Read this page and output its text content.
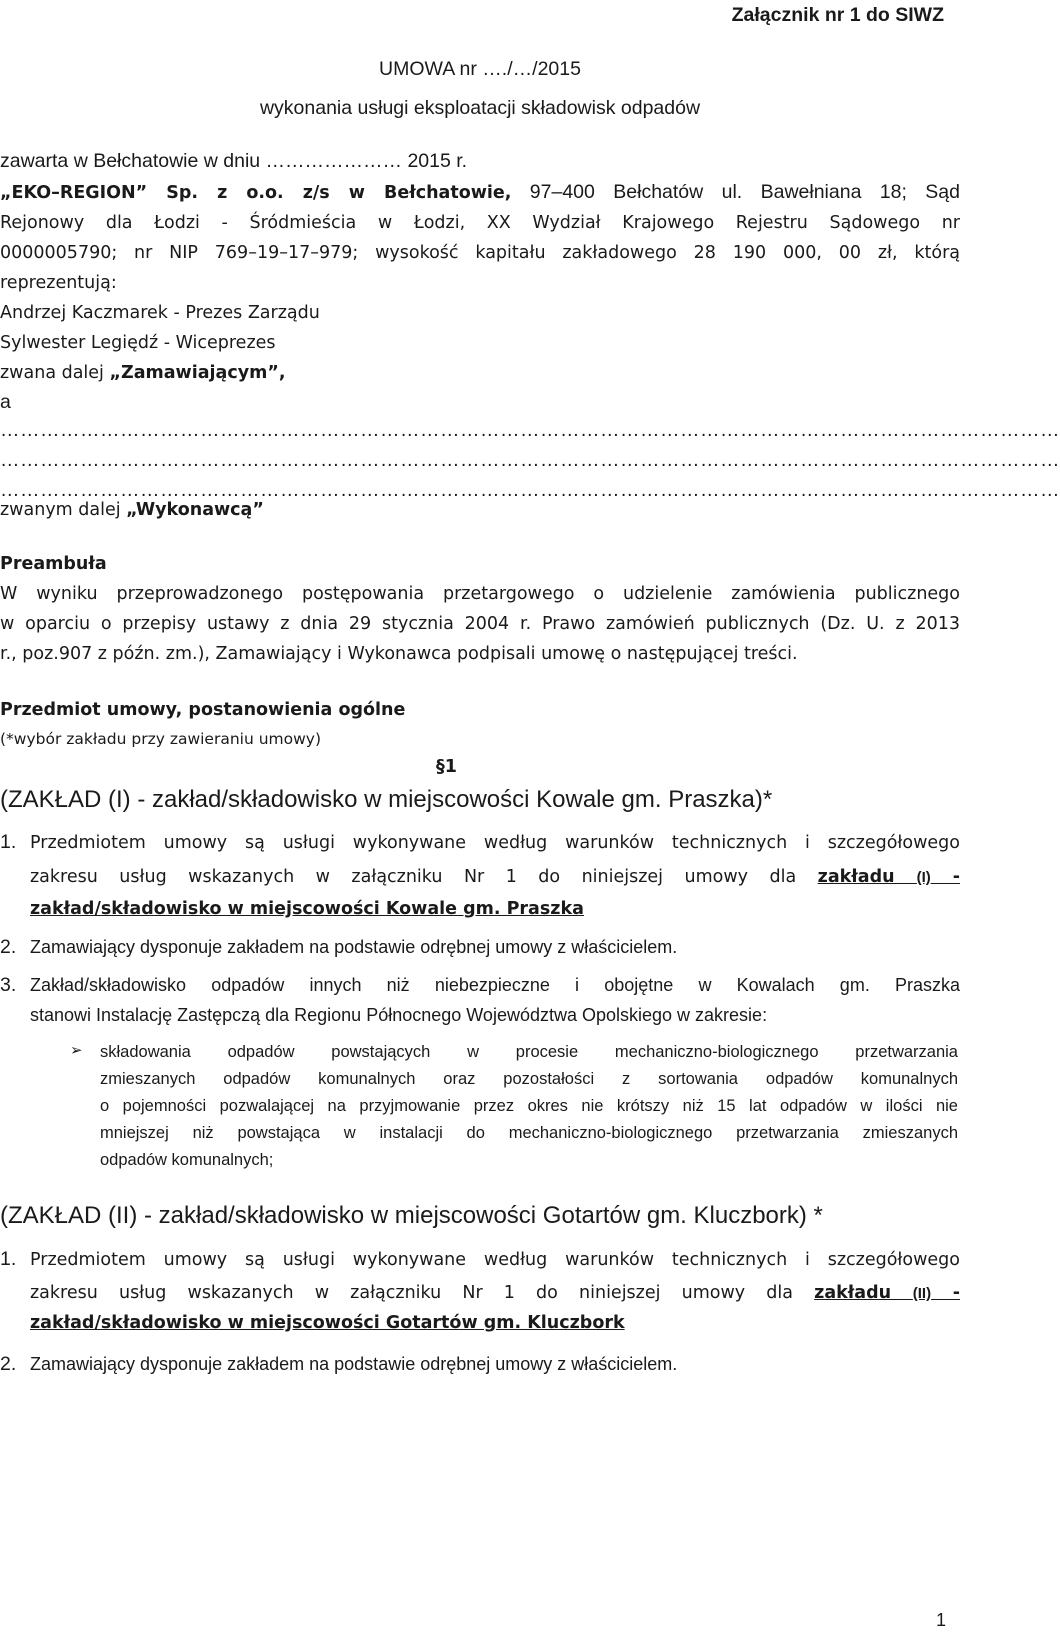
Załącznik nr 1 do SIWZ
UMOWA nr …./…/2015
wykonania usługi eksploatacji składowisk odpadów
zawarta w Bełchatowie w dniu ………………… 2015 r.
„EKO–REGION” Sp. z o.o. z/s w Bełchatowie, 97–400 Bełchatów ul. Bawełniana 18; Sąd
Rejonowy dla Łodzi - Śródmieścia w Łodzi, XX Wydział Krajowego Rejestru Sądowego nr
0000005790; nr NIP 769–19–17–979; wysokość kapitału zakładowego 28 190 000, 00 zł, którą
reprezentują:
Andrzej Kaczmarek - Prezes Zarządu
Sylwester Legiędź - Wiceprezes
zwana dalej „Zamawiającym”,
a
……………………………………………………………………………………………………………………………………………
……………………………………………………………………………………………………………………………………………
……………………………………………………………………………………………………………………………………………
zwanym dalej „Wykonawcą”
Preambuła
W wyniku przeprowadzonego postępowania przetargowego o udzielenie zamówienia publicznego
w oparciu o przepisy ustawy z dnia 29 stycznia 2004 r. Prawo zamówień publicznych (Dz. U. z 2013
r., poz.907 z późn. zm.), Zamawiający i Wykonawca podpisali umowę o następującej treści.
Przedmiot umowy, postanowienia ogólne
(*wybór zakładu przy zawieraniu umowy)
§1
(ZAKŁAD (I) - zakład/składowisko w miejscowości Kowale gm. Praszka)*
1. Przedmiotem umowy są usługi wykonywane według warunków technicznych i szczegółowego
zakresu usług wskazanych w załączniku Nr 1 do niniejszej umowy dla zakładu (I) -
zakład/składowisko w miejscowości Kowale gm. Praszka
2. Zamawiający dysponuje zakładem na podstawie odrębnej umowy z właścicielem.
3. Zakład/składowisko odpadów innych niż niebezpieczne i obojętne w Kowalach gm. Praszka
stanowi Instalację Zastępczą dla Regionu Północnego Województwa Opolskiego w zakresie:
➢ składowania odpadów powstających w procesie mechaniczno-biologicznego przetwarzania
zmieszanych odpadów komunalnych oraz pozostałości z sortowania odpadów komunalnych
o pojemności pozwalającej na przyjmowanie przez okres nie krótszy niż 15 lat odpadów w ilości nie
mniejszej niż powstająca w instalacji do mechaniczno-biologicznego przetwarzania zmieszanych
odpadów komunalnych;
(ZAKŁAD (II) - zakład/składowisko w miejscowości Gotartów gm. Kluczbork) *
1. Przedmiotem umowy są usługi wykonywane według warunków technicznych i szczegółowego
zakresu usług wskazanych w załączniku Nr 1 do niniejszej umowy dla zakładu (II) -
zakład/składowisko w miejscowości Gotartów gm. Kluczbork
2. Zamawiający dysponuje zakładem na podstawie odrębnej umowy z właścicielem.
1
